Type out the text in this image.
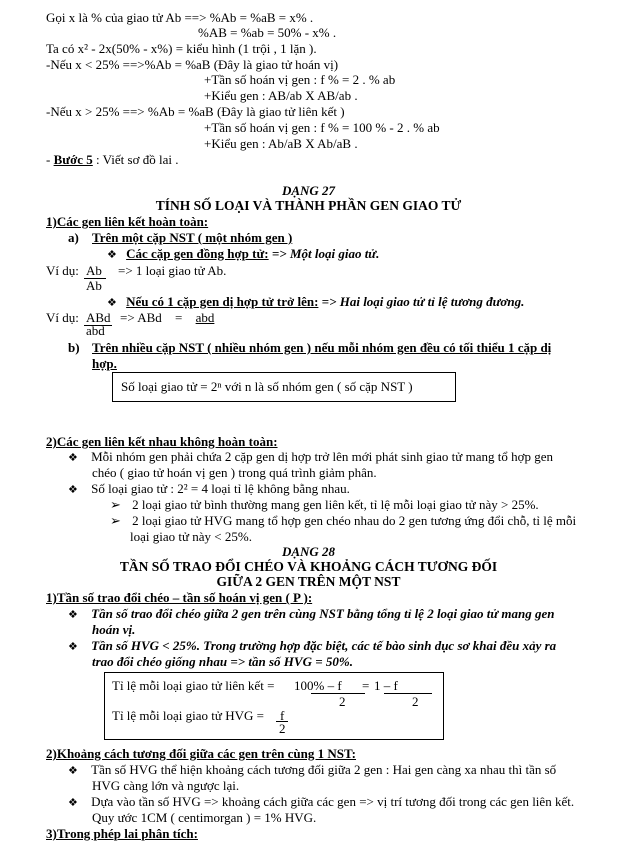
Gọi x là % của giao tử Ab ==> %Ab = %aB = x% .
%AB = %ab = 50% - x% .
Ta có x² - 2x(50% - x%) = kiểu hình (1 trội , 1 lặn ).
-Nếu x < 25% ==>%Ab = %aB (Đây là giao tử hoán vị)
+Tần số hoán vị gen : f % = 2 . % ab
+Kiểu gen : AB/ab X AB/ab .
-Nếu x > 25% ==> %Ab = %aB (Đây là giao tử liên kết )
+Tần số hoán vị gen : f % = 100 % - 2 . % ab
+Kiểu gen : Ab/aB X Ab/aB .
- Bước 5 : Viết sơ đồ lai .
DẠNG 27
TÍNH SỐ LOẠI VÀ THÀNH PHẦN GEN GIAO TỬ
1)Các gen liên kết hoàn toàn:
a) Trên một cặp NST ( một nhóm gen )
❖ Các cặp gen đồng hợp tử: => Một loại giao tử.
Ví dụ: Ab
Ab
=> 1 loại giao tử Ab.
❖ Nếu có 1 cặp gen dị hợp tử trở lên: => Hai loại giao tử tỉ lệ tương đương.
Ví dụ: ABd
abd
=> ABd = abd
b) Trên nhiều cặp NST ( nhiều nhóm gen ) nếu mỗi nhóm gen đều có tối thiểu 1 cặp dị
hợp.
Số loại giao tử = 2ⁿ với n là số nhóm gen ( số cặp NST )
2)Các gen liên kết nhau không hoàn toàn:
❖ Mỗi nhóm gen phải chứa 2 cặp gen dị hợp trở lên mới phát sinh giao tử mang tổ hợp gen
chéo ( giao tử hoán vị gen ) trong quá trình giảm phân.
❖ Số loại giao tử : 2² = 4 loại tỉ lệ không bằng nhau.
➢ 2 loại giao tử bình thường mang gen liên kết, tỉ lệ mỗi loại giao tử này > 25%.
➢ 2 loại giao tử HVG mang tổ hợp gen chéo nhau do 2 gen tương ứng đổi chỗ, tỉ lệ mỗi
loại giao tử này < 25%.
DẠNG 28
TẦN SỐ TRAO ĐỔI CHÉO VÀ KHOẢNG CÁCH TƯƠNG ĐỐI
GIỮA 2 GEN TRÊN MỘT NST
1)Tần số trao đổi chéo – tần số hoán vị gen ( P ):
❖ Tần số trao đổi chéo giữa 2 gen trên cùng NST bằng tổng tỉ lệ 2 loại giao tử mang gen
hoán vị.
❖ Tần số HVG < 25%. Trong trường hợp đặc biệt, các tế bào sinh dục sơ khai đều xảy ra
trao đổi chéo giống nhau => tần số HVG = 50%.
Tỉ lệ mỗi loại giao tử liên kết = 100% – f
2
= 1 – f
2
Tỉ lệ mỗi loại giao tử HVG = f
2
2)Khoảng cách tương đối giữa các gen trên cùng 1 NST:
❖ Tần số HVG thể hiện khoảng cách tương đối giữa 2 gen : Hai gen càng xa nhau thì tần số
HVG càng lớn và ngược lại.
❖ Dựa vào tần số HVG => khoảng cách giữa các gen => vị trí tương đối trong các gen liên kết.
Quy ước 1CM ( centimorgan ) = 1% HVG.
3)Trong phép lai phân tích:
